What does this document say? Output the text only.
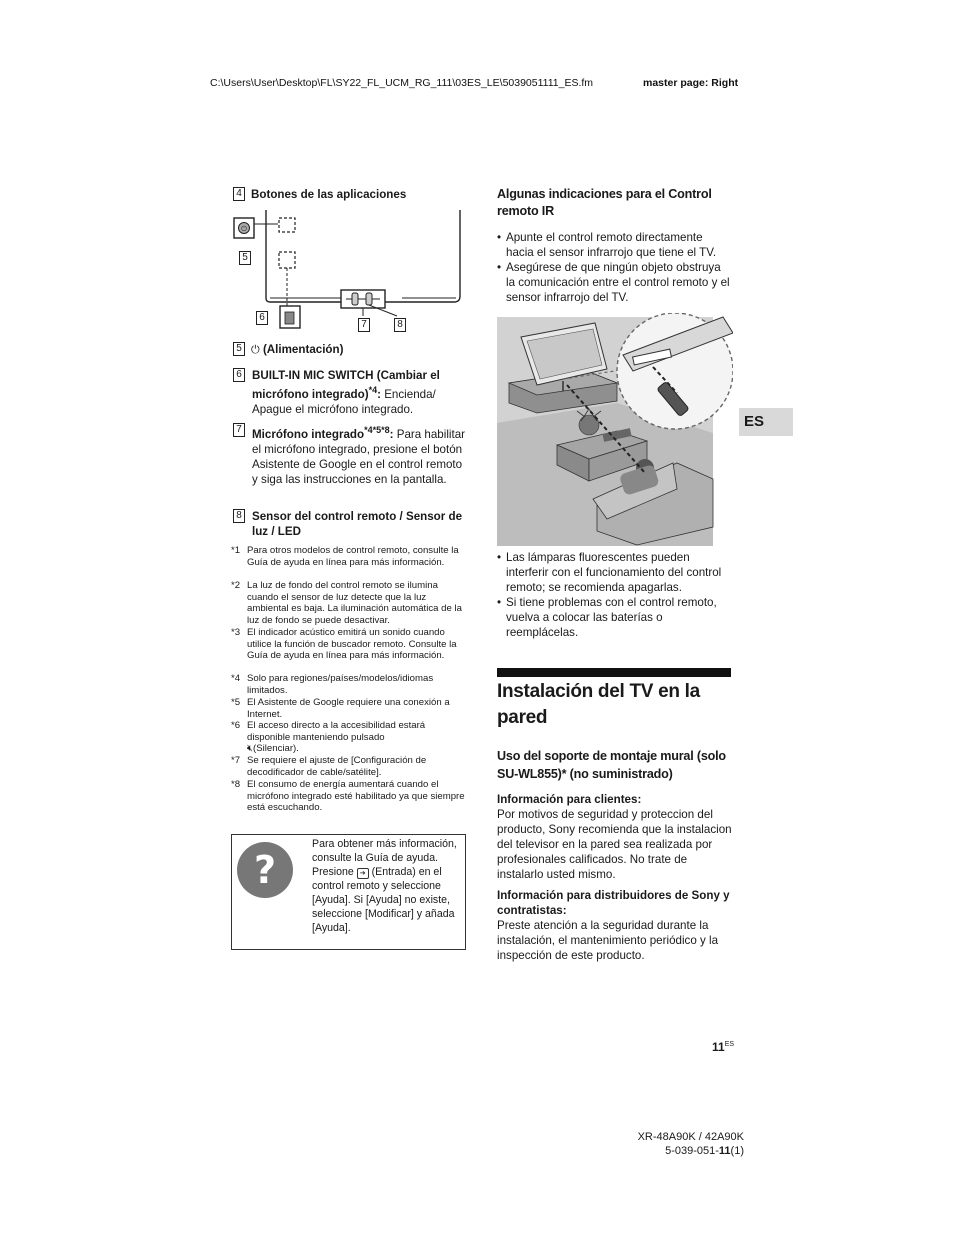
C:\Users\User\Desktop\FL\SY22_FL_UCM_RG_111\03ES_LE\5039051111_ES.fm	master page: Right
4 Botones de las aplicaciones
⏻
5
6
7	8
5 ⏻ (Alimentación)
6 BUILT-IN MIC SWITCH (Cambiar el micrófono integrado)$^{*4}$: Encienda/ Apague el micrófono integrado.
7 Micrófono integrado$^{*4*5*8}$: Para habilitar el micrófono integrado, presione el botón Asistente de Google en el control remoto y siga las instrucciones en la pantalla.
8 Sensor del control remoto / Sensor de luz / LED
*1 Para otros modelos de control remoto, consulte la Guía de ayuda en línea para más información.
*2 La luz de fondo del control remoto se ilumina cuando el sensor de luz detecte que la luz ambiental es baja. La iluminación automática de la luz de fondo se puede desactivar.
*3 El indicador acústico emitirá un sonido cuando utilice la función de buscador remoto. Consulte la Guía de ayuda en línea para más información.
*4 Solo para regiones/países/modelos/idiomas limitados.
*5 El Asistente de Google requiere una conexión a Internet.
*6 El acceso directo a la accesibilidad estará disponible manteniendo pulsado
🔇︎(Silenciar).
*7 Se requiere el ajuste de [Configuración de decodificador de cable/satélite].
*8 El consumo de energía aumentará cuando el micrófono integrado esté habilitado ya que siempre está escuchando.
?
Para obtener más información, consulte la Guía de ayuda.
Presione ➔ (Entrada) en el control remoto y seleccione [Ayuda]. Si [Ayuda] no existe, seleccione [Modificar] y añada [Ayuda].
Algunas indicaciones para el Control remoto IR
• Apunte el control remoto directamente hacia el sensor infrarrojo que tiene el TV.
• Asegúrese de que ningún objeto obstruya la comunicación entre el control remoto y el sensor infrarrojo del TV.
• Las lámparas fluorescentes pueden interferir con el funcionamiento del control remoto; se recomienda apagarlas.
• Si tiene problemas con el control remoto, vuelva a colocar las baterías o reemplácelas.
Instalación del TV en la pared
Uso del soporte de montaje mural (solo SU-WL855)* (no suministrado)
Información para clientes:
Por motivos de seguridad y proteccion del producto, Sony recomienda que la instalacion del televisor en la pared sea realizada por profesionales calificados. No trate de instalarlo usted mismo.
Información para distribuidores de Sony y contratistas:
Preste atención a la seguridad durante la instalación, el mantenimiento periódico y la inspección de este producto.
ES
$11^{ES}$
XR-48A90K / 42A90K
5-039-051-11(1)
